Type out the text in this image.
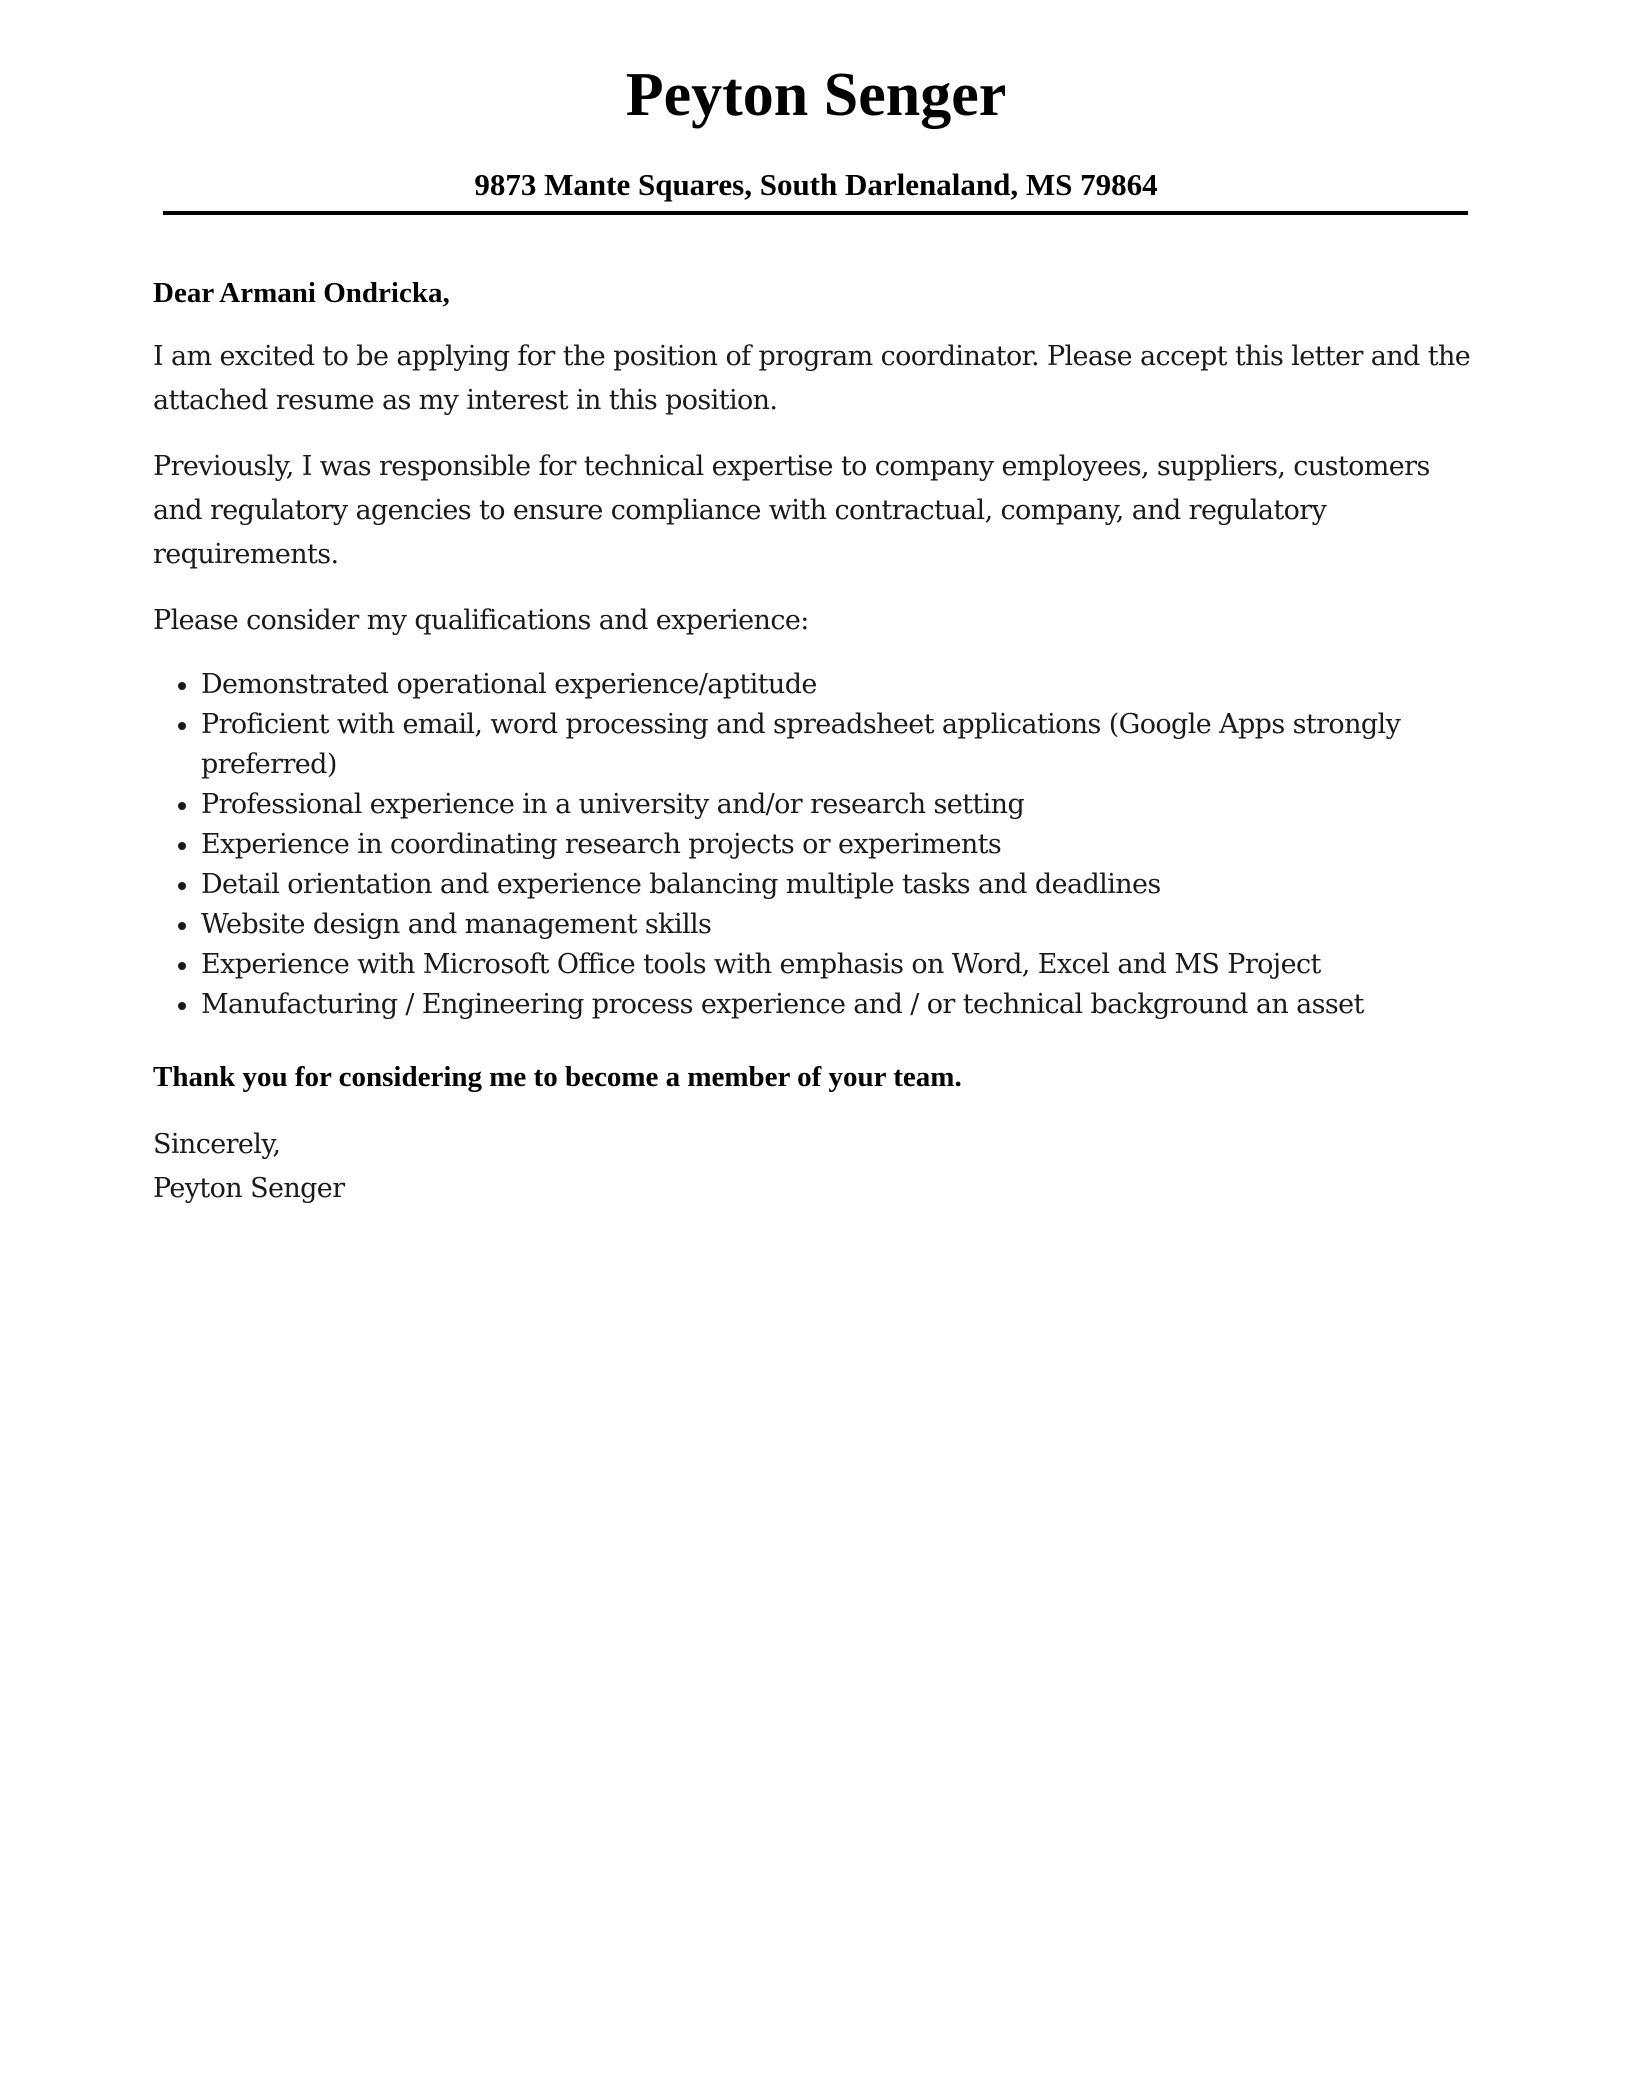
Peyton Senger
9873 Mante Squares, South Darlenaland, MS 79864

Dear Armani Ondricka,

I am excited to be applying for the position of program coordinator. Please accept this letter and the attached resume as my interest in this position.

Previously, I was responsible for technical expertise to company employees, suppliers, customers and regulatory agencies to ensure compliance with contractual, company, and regulatory requirements.

Please consider my qualifications and experience:

Demonstrated operational experience/aptitude
Proficient with email, word processing and spreadsheet applications (Google Apps strongly preferred)
Professional experience in a university and/or research setting
Experience in coordinating research projects or experiments
Detail orientation and experience balancing multiple tasks and deadlines
Website design and management skills
Experience with Microsoft Office tools with emphasis on Word, Excel and MS Project
Manufacturing / Engineering process experience and / or technical background an asset

Thank you for considering me to become a member of your team.

Sincerely,

Peyton Senger
